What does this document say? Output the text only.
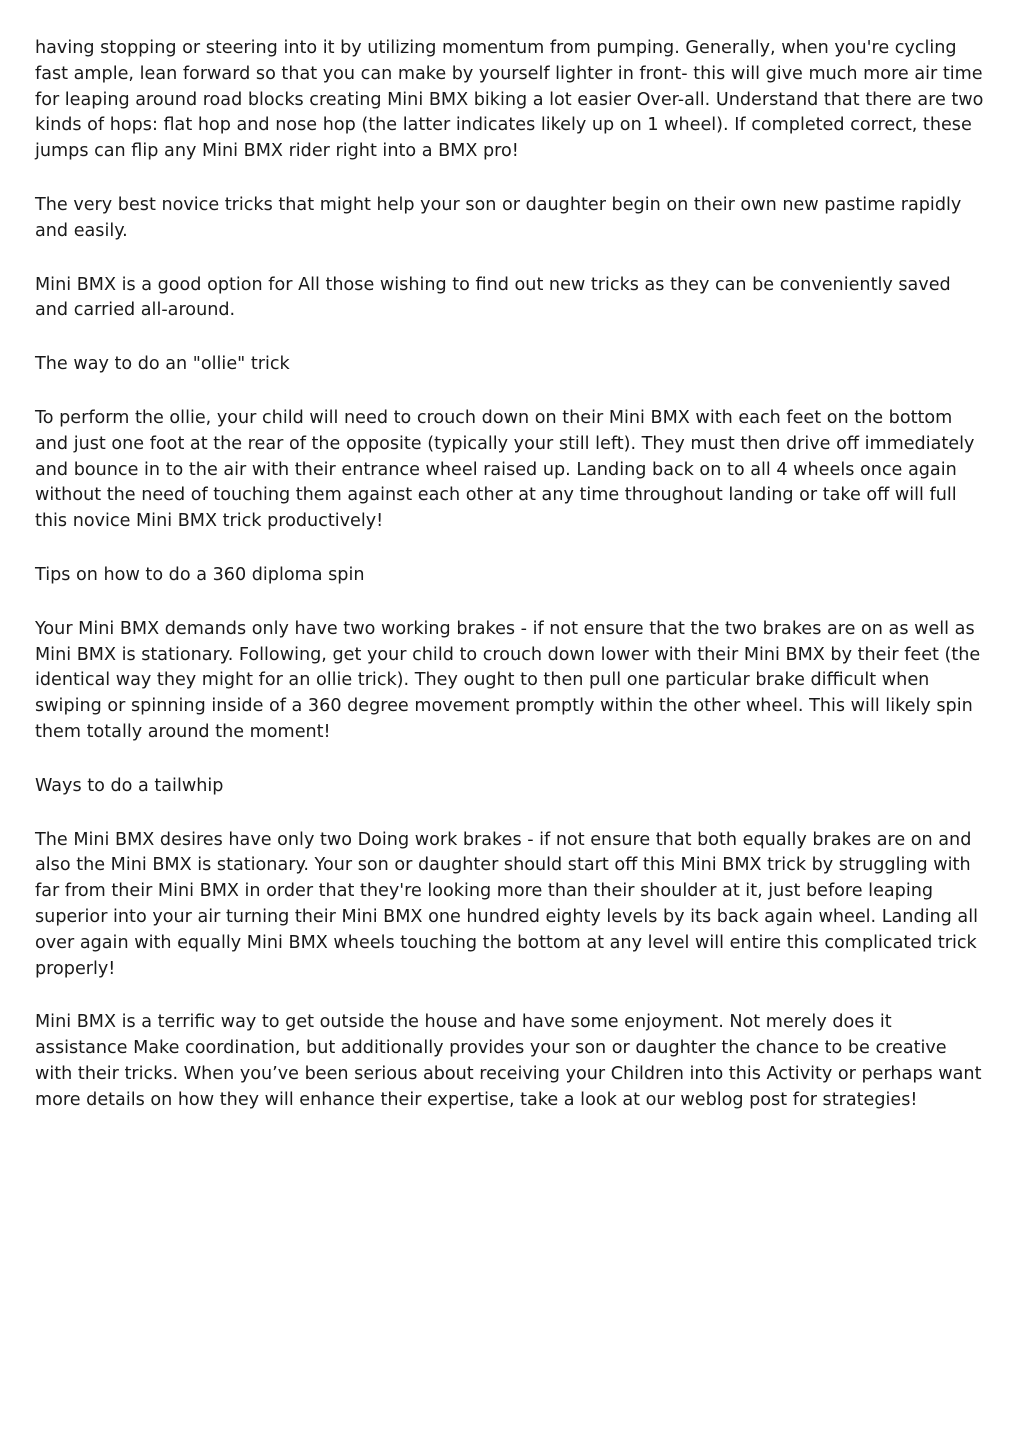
having stopping or steering into it by utilizing momentum from pumping. Generally, when you're cycling fast ample, lean forward so that you can make by yourself lighter in front- this will give much more air time for leaping around road blocks creating Mini BMX biking a lot easier Over-all. Understand that there are two kinds of hops: flat hop and nose hop (the latter indicates likely up on 1 wheel). If completed correct, these jumps can flip any Mini BMX rider right into a BMX pro!

The very best novice tricks that might help your son or daughter begin on their own new pastime rapidly and easily.

Mini BMX is a good option for All those wishing to find out new tricks as they can be conveniently saved and carried all-around.

The way to do an "ollie" trick

To perform the ollie, your child will need to crouch down on their Mini BMX with each feet on the bottom and just one foot at the rear of the opposite (typically your still left). They must then drive off immediately and bounce in to the air with their entrance wheel raised up. Landing back on to all 4 wheels once again without the need of touching them against each other at any time throughout landing or take off will full this novice Mini BMX trick productively!

Tips on how to do a 360 diploma spin

Your Mini BMX demands only have two working brakes - if not ensure that the two brakes are on as well as Mini BMX is stationary. Following, get your child to crouch down lower with their Mini BMX by their feet (the identical way they might for an ollie trick). They ought to then pull one particular brake difficult when swiping or spinning inside of a 360 degree movement promptly within the other wheel. This will likely spin them totally around the moment!

Ways to do a tailwhip

The Mini BMX desires have only two Doing work brakes - if not ensure that both equally brakes are on and also the Mini BMX is stationary. Your son or daughter should start off this Mini BMX trick by struggling with far from their Mini BMX in order that they're looking more than their shoulder at it, just before leaping superior into your air turning their Mini BMX one hundred eighty levels by its back again wheel. Landing all over again with equally Mini BMX wheels touching the bottom at any level will entire this complicated trick properly!

Mini BMX is a terrific way to get outside the house and have some enjoyment. Not merely does it assistance Make coordination, but additionally provides your son or daughter the chance to be creative with their tricks. When you’ve been serious about receiving your Children into this Activity or perhaps want more details on how they will enhance their expertise, take a look at our weblog post for strategies!
